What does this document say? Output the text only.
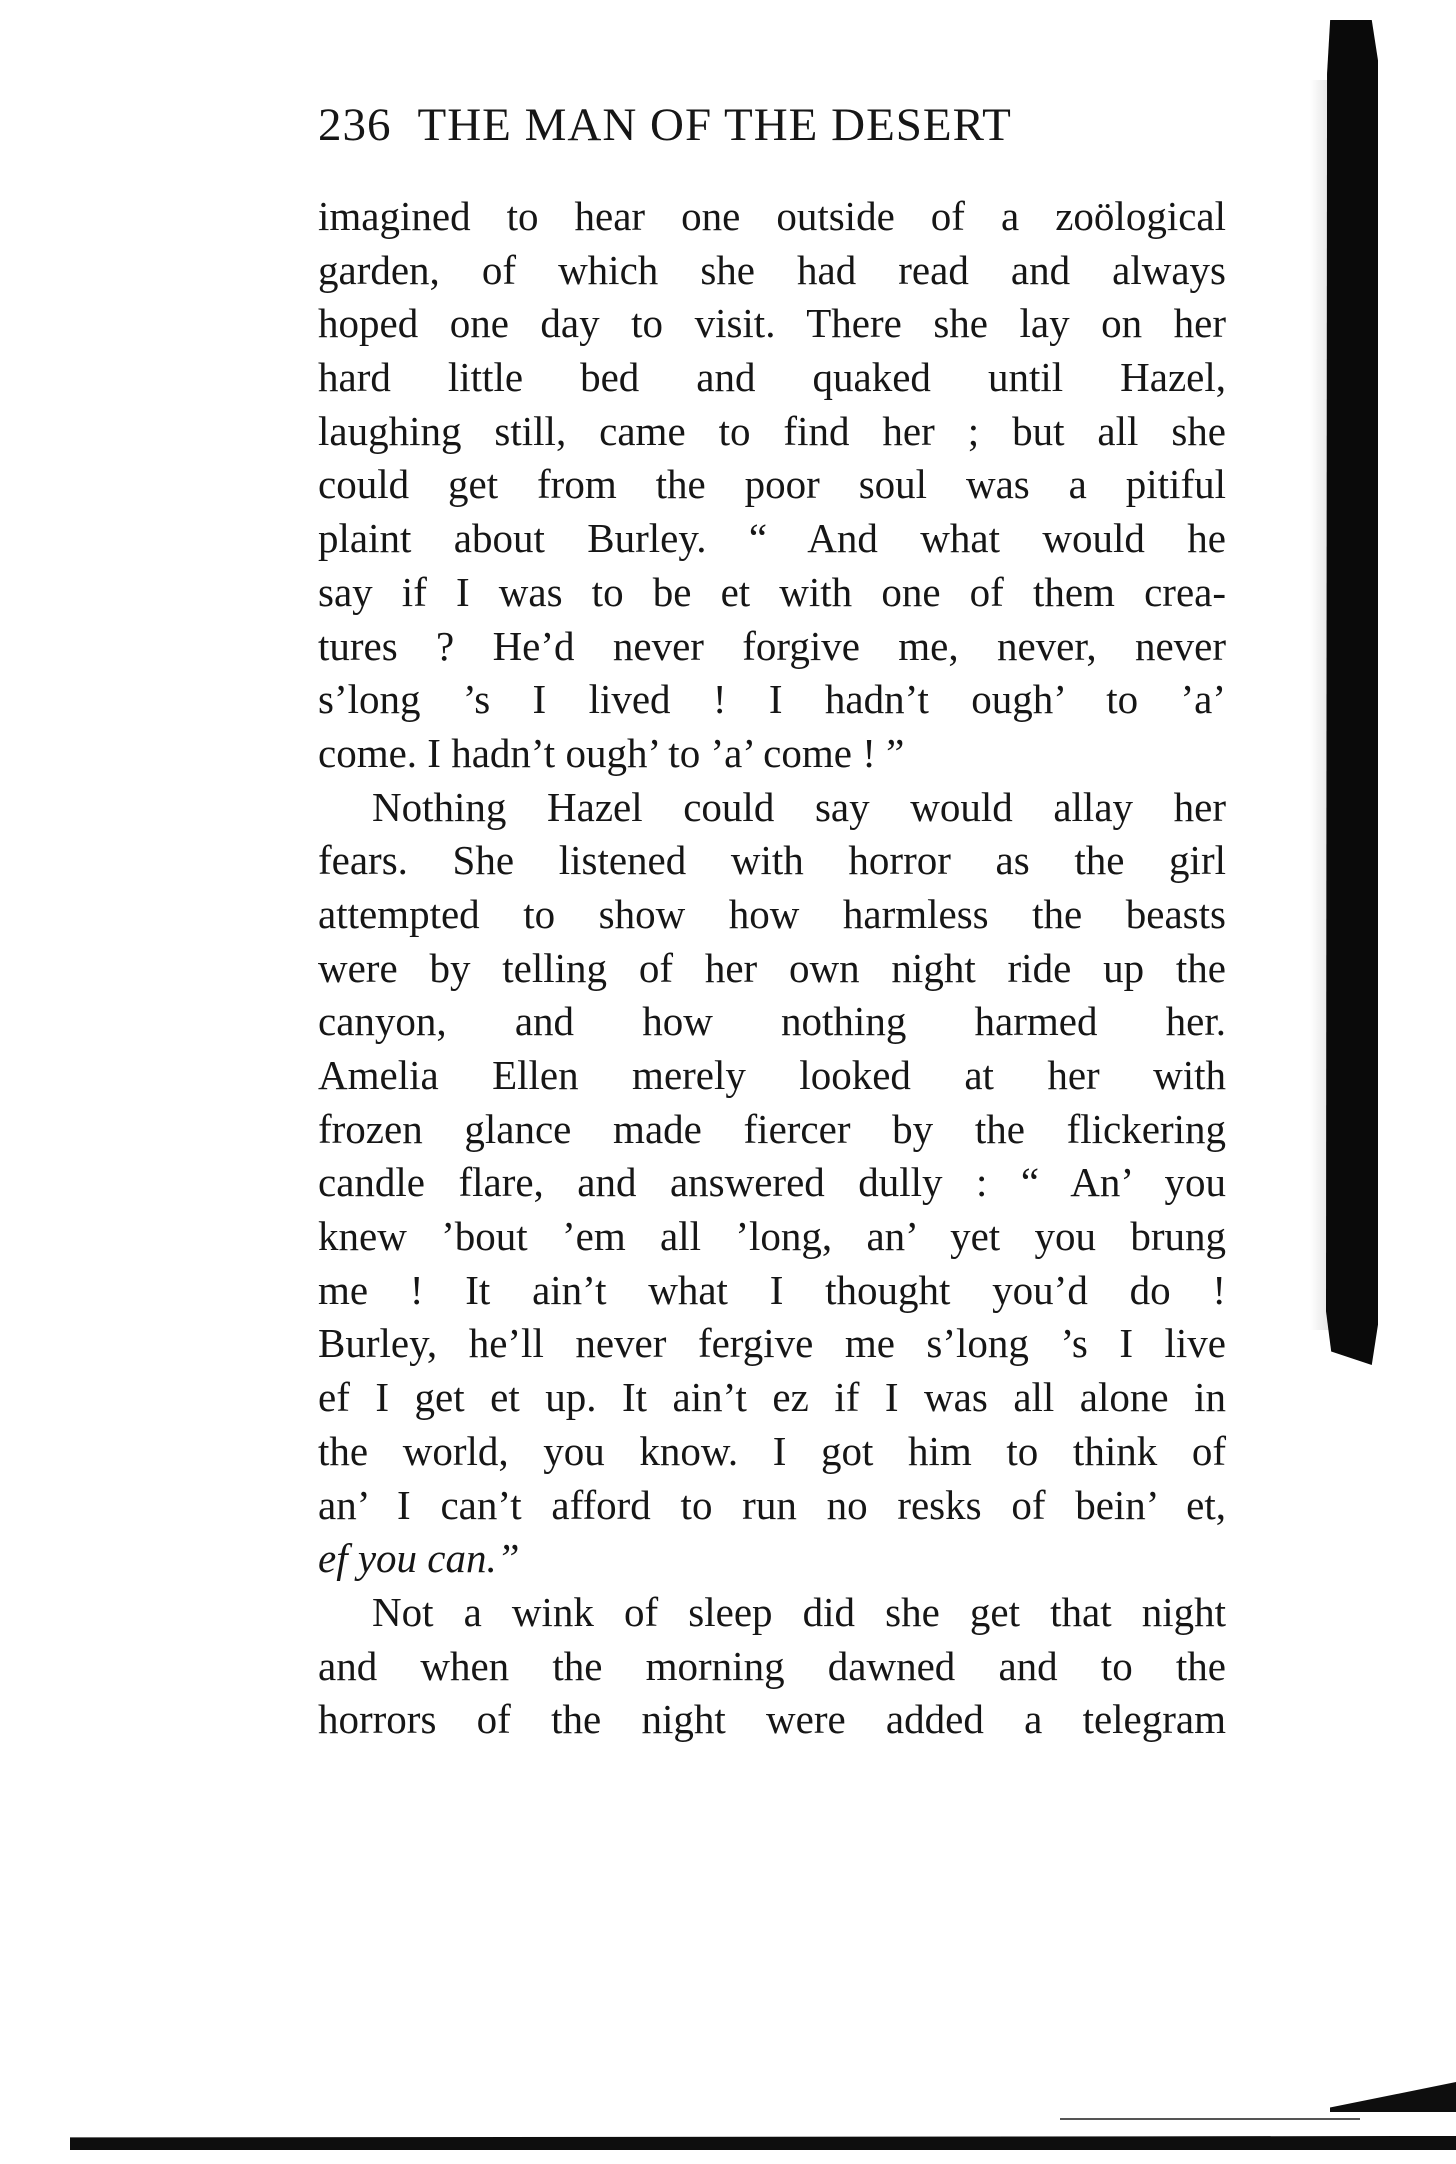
236 THE MAN OF THE DESERT
imagined to hear one outside of a zoölogical
garden, of which she had read and always
hoped one day to visit. There she lay on her
hard little bed and quaked until Hazel,
laughing still, came to find her ; but all she
could get from the poor soul was a pitiful
plaint about Burley. “ And what would he
say if I was to be et with one of them crea-
tures ? He’d never forgive me, never, never
s’long ’s I lived ! I hadn’t ough’ to ’a’
come. I hadn’t ough’ to ’a’ come ! ”
Nothing Hazel could say would allay her
fears. She listened with horror as the girl
attempted to show how harmless the beasts
were by telling of her own night ride up the
canyon, and how nothing harmed her.
Amelia Ellen merely looked at her with
frozen glance made fiercer by the flickering
candle flare, and answered dully : “ An’ you
knew ’bout ’em all ’long, an’ yet you brung
me ! It ain’t what I thought you’d do !
Burley, he’ll never fergive me s’long ’s I live
ef I get et up. It ain’t ez if I was all alone in
the world, you know. I got him to think of
an’ I can’t afford to run no resks of bein’ et,
ef you can.”
Not a wink of sleep did she get that night
and when the morning dawned and to the
horrors of the night were added a telegram
